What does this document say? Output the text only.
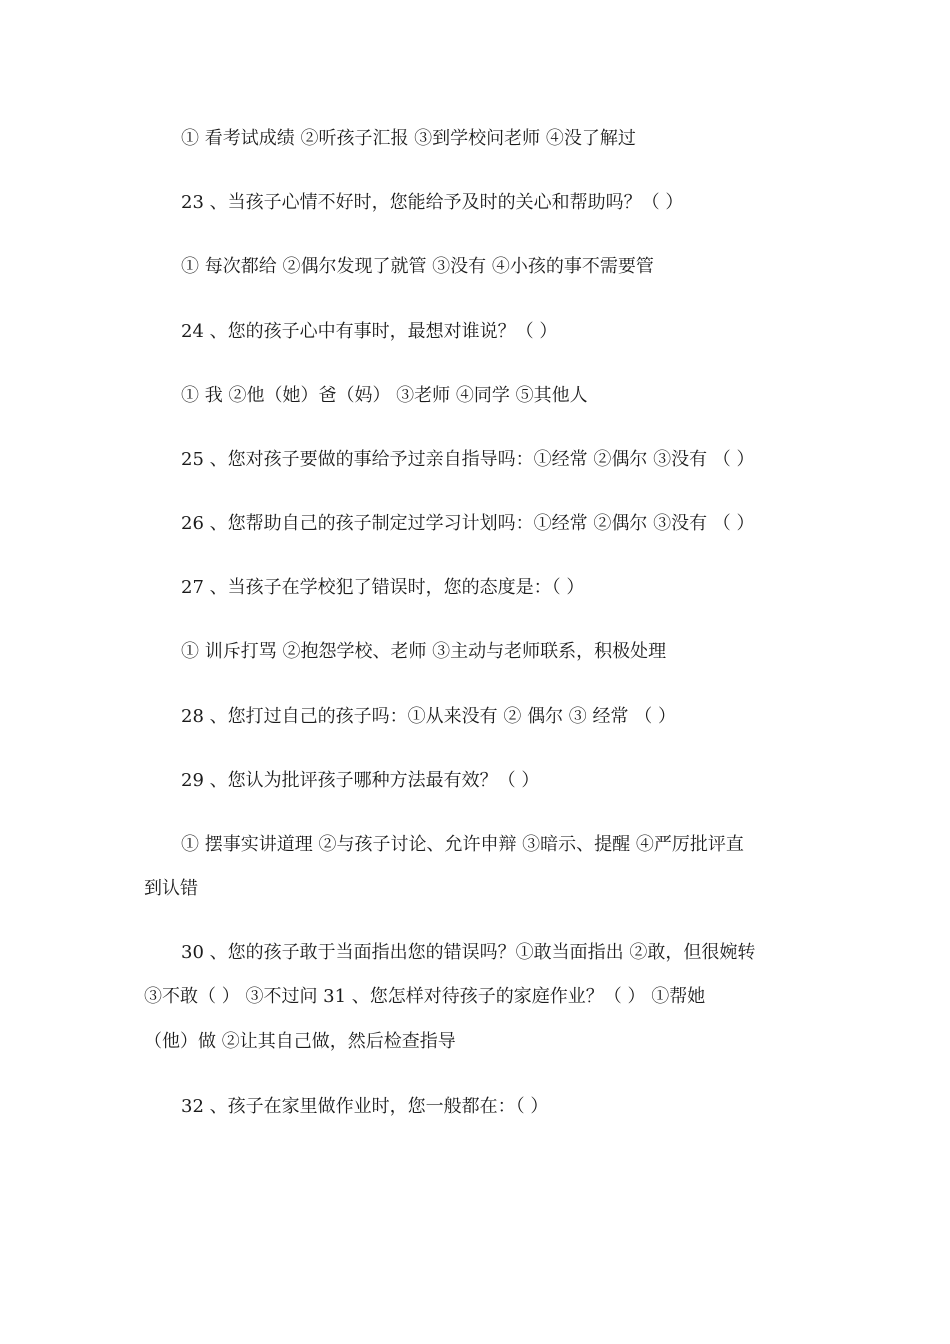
① 看考试成绩 ②听孩子汇报 ③到学校问老师 ④没了解过
23 、当孩子心情不好时，您能给予及时的关心和帮助吗？（ ）
① 每次都给 ②偶尔发现了就管 ③没有 ④小孩的事不需要管
24 、您的孩子心中有事时，最想对谁说？（ ）
① 我 ②他（她）爸（妈） ③老师 ④同学 ⑤其他人
25 、您对孩子要做的事给予过亲自指导吗：①经常 ②偶尔 ③没有 （ ）
26 、您帮助自己的孩子制定过学习计划吗：①经常 ②偶尔 ③没有 （ ）
27 、当孩子在学校犯了错误时，您的态度是：（ ）
① 训斥打骂 ②抱怨学校、老师 ③主动与老师联系，积极处理
28 、您打过自己的孩子吗：①从来没有 ② 偶尔 ③ 经常 （ ）
29 、您认为批评孩子哪种方法最有效？（ ）
① 摆事实讲道理 ②与孩子讨论、允许申辩 ③暗示、提醒 ④严厉批评直
到认错
30 、您的孩子敢于当面指出您的错误吗？①敢当面指出 ②敢，但很婉转
③不敢（ ） ③不过问 31 、您怎样对待孩子的家庭作业？（ ） ①帮她
（他）做 ②让其自己做，然后检查指导
32 、孩子在家里做作业时，您一般都在：（ ）
